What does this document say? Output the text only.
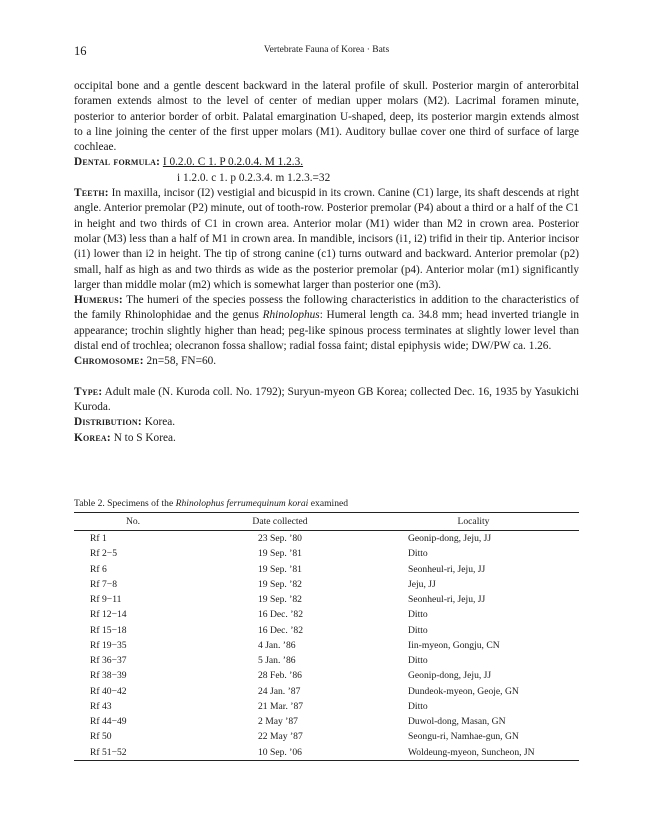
16	Vertebrate Fauna of Korea · Bats

occipital bone and a gentle descent backward in the lateral profile of skull. Posterior margin of anterorbital foramen extends almost to the level of center of median upper molars (M2). Lacrimal foramen minute, posterior to anterior border of orbit. Palatal emargination U-shaped, deep, its posterior margin extends almost to a line joining the center of the first upper molars (M1). Auditory bullae cover one third of surface of large cochleae.

Dental formula: I 0.2.0. C 1. P 0.2.0.4. M 1.2.3.

i 1.2.0. c 1. p 0.2.3.4. m 1.2.3.=32

Teeth: In maxilla, incisor (I2) vestigial and bicuspid in its crown. Canine (C1) large, its shaft descends at right angle. Anterior premolar (P2) minute, out of tooth-row. Posterior premolar (P4) about a third or a half of the C1 in height and two thirds of C1 in crown area. Anterior molar (M1) wider than M2 in crown area. Posterior molar (M3) less than a half of M1 in crown area. In mandible, incisors (i1, i2) trifid in their tip. Anterior incisor (i1) lower than i2 in height. The tip of strong canine (c1) turns outward and backward. Anterior premolar (p2) small, half as high as and two thirds as wide as the posterior premolar (p4). Anterior molar (m1) significantly larger than middle molar (m2) which is somewhat larger than posterior one (m3).

Humerus: The humeri of the species possess the following characteristics in addition to the characteristics of the family Rhinolophidae and the genus Rhinolophus: Humeral length ca. 34.8 mm; head inverted triangle in appearance; trochin slightly higher than head; peg-like spinous process terminates at slightly lower level than distal end of trochlea; olecranon fossa shallow; radial fossa faint; distal epiphysis wide; DW/PW ca. 1.26.

Chromosome: 2n=58, FN=60.

Type: Adult male (N. Kuroda coll. No. 1792); Suryun-myeon GB Korea; collected Dec. 16, 1935 by Yasukichi Kuroda.

Distribution: Korea.

Korea: N to S Korea.

Table 2. Specimens of the Rhinolophus ferrumequinum korai examined

No.	Date collected	Locality
Rf 1	23 Sep. ’80	Geonip-dong, Jeju, JJ
Rf 2−5	19 Sep. ’81	Ditto
Rf 6	19 Sep. ’81	Seonheul-ri, Jeju, JJ
Rf 7−8	19 Sep. ’82	Jeju, JJ
Rf 9−11	19 Sep. ’82	Seonheul-ri, Jeju, JJ
Rf 12−14	16 Dec. ’82	Ditto
Rf 15−18	16 Dec. ’82	Ditto
Rf 19−35	4 Jan. ’86	Iin-myeon, Gongju, CN
Rf 36−37	5 Jan. ’86	Ditto
Rf 38−39	28 Feb. ’86	Geonip-dong, Jeju, JJ
Rf 40−42	24 Jan. ’87	Dundeok-myeon, Geoje, GN
Rf 43	21 Mar. ’87	Ditto
Rf 44−49	2 May ’87	Duwol-dong, Masan, GN
Rf 50	22 May ’87	Seongu-ri, Namhae-gun, GN
Rf 51−52	10 Sep. ’06	Woldeung-myeon, Suncheon, JN
